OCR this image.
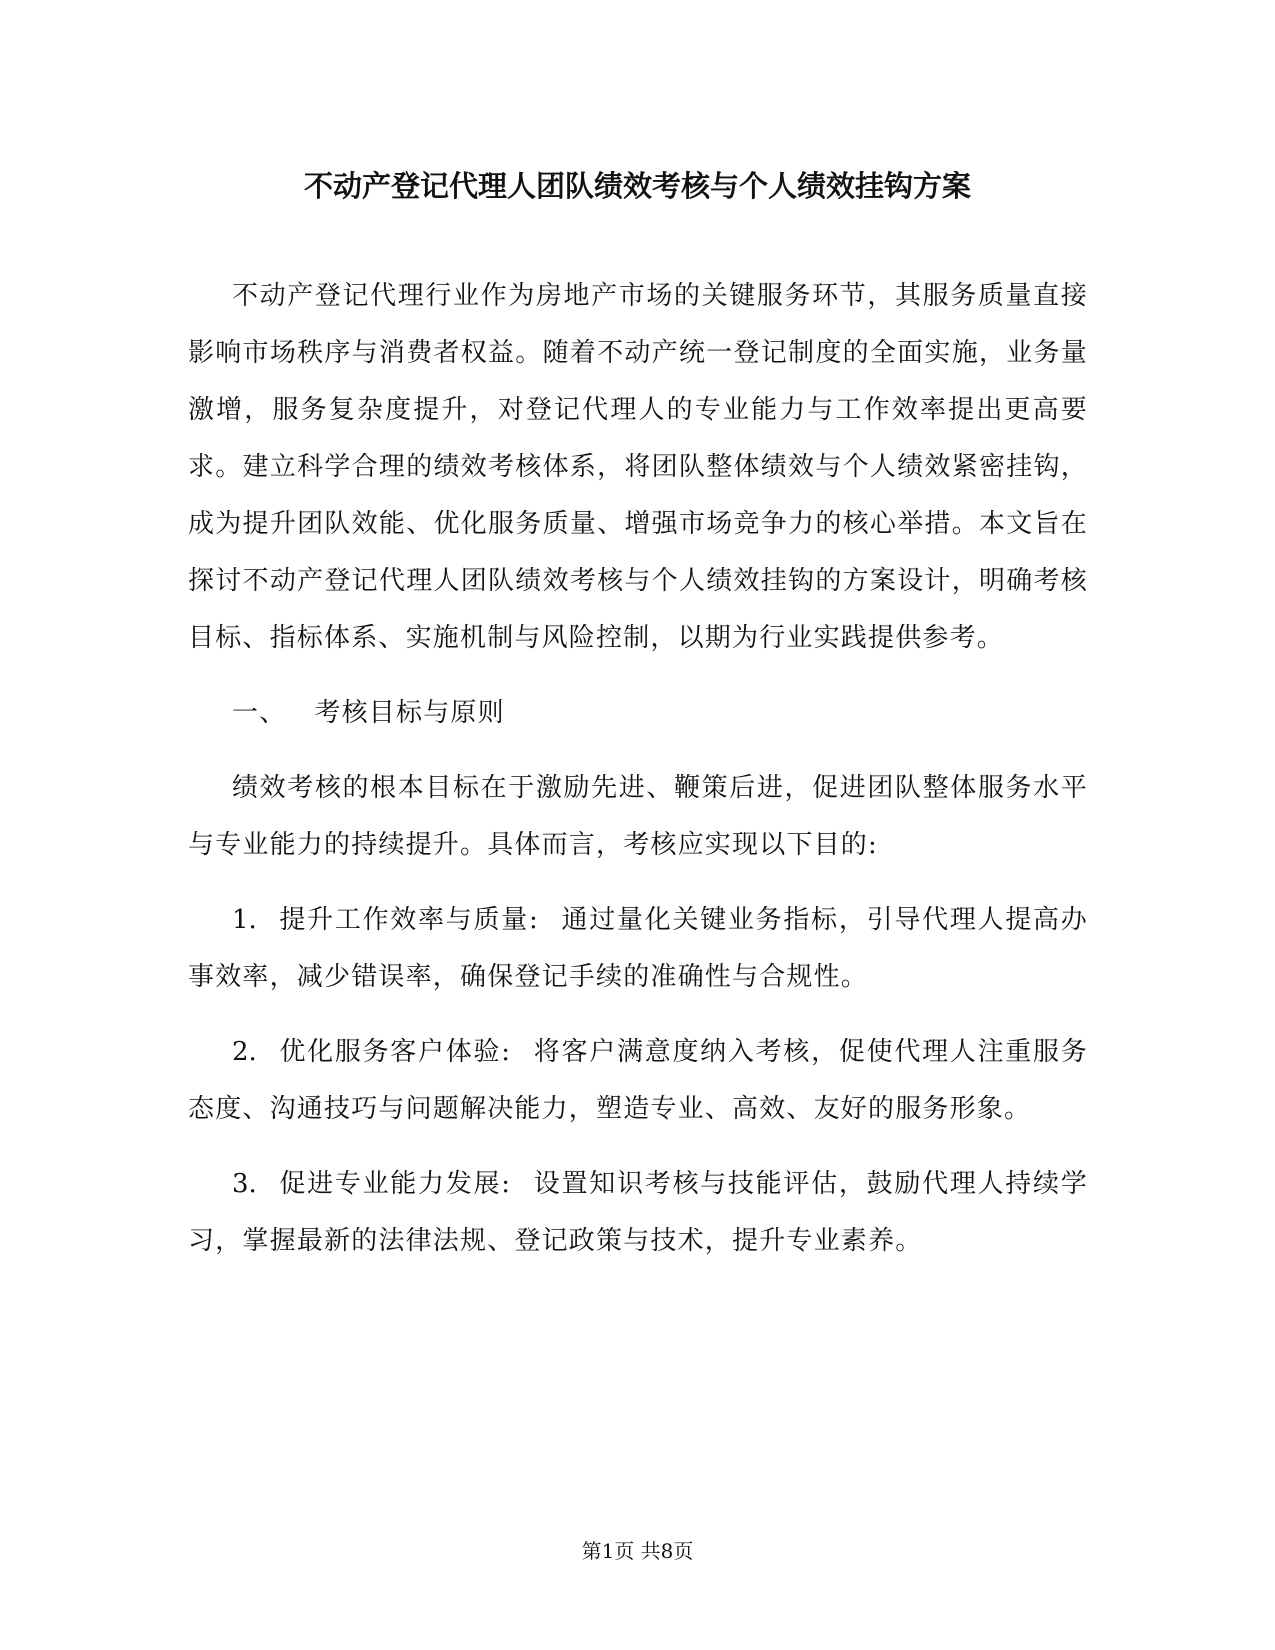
不动产登记代理人团队绩效考核与个人绩效挂钩方案

不动产登记代理行业作为房地产市场的关键服务环节，其服务质量直接影响市场秩序与消费者权益。随着不动产统一登记制度的全面实施，业务量激增，服务复杂度提升，对登记代理人的专业能力与工作效率提出更高要求。建立科学合理的绩效考核体系，将团队整体绩效与个人绩效紧密挂钩，成为提升团队效能、优化服务质量、增强市场竞争力的核心举措。本文旨在探讨不动产登记代理人团队绩效考核与个人绩效挂钩的方案设计，明确考核目标、指标体系、实施机制与风险控制，以期为行业实践提供参考。

一、 考核目标与原则

绩效考核的根本目标在于激励先进、鞭策后进，促进团队整体服务水平与专业能力的持续提升。具体而言，考核应实现以下目的:

1. 提升工作效率与质量: 通过量化关键业务指标，引导代理人提高办事效率，减少错误率，确保登记手续的准确性与合规性。

2. 优化服务客户体验: 将客户满意度纳入考核，促使代理人注重服务态度、沟通技巧与问题解决能力，塑造专业、高效、友好的服务形象。

3. 促进专业能力发展: 设置知识考核与技能评估，鼓励代理人持续学习，掌握最新的法律法规、登记政策与技术，提升专业素养。

第1页 共8页
